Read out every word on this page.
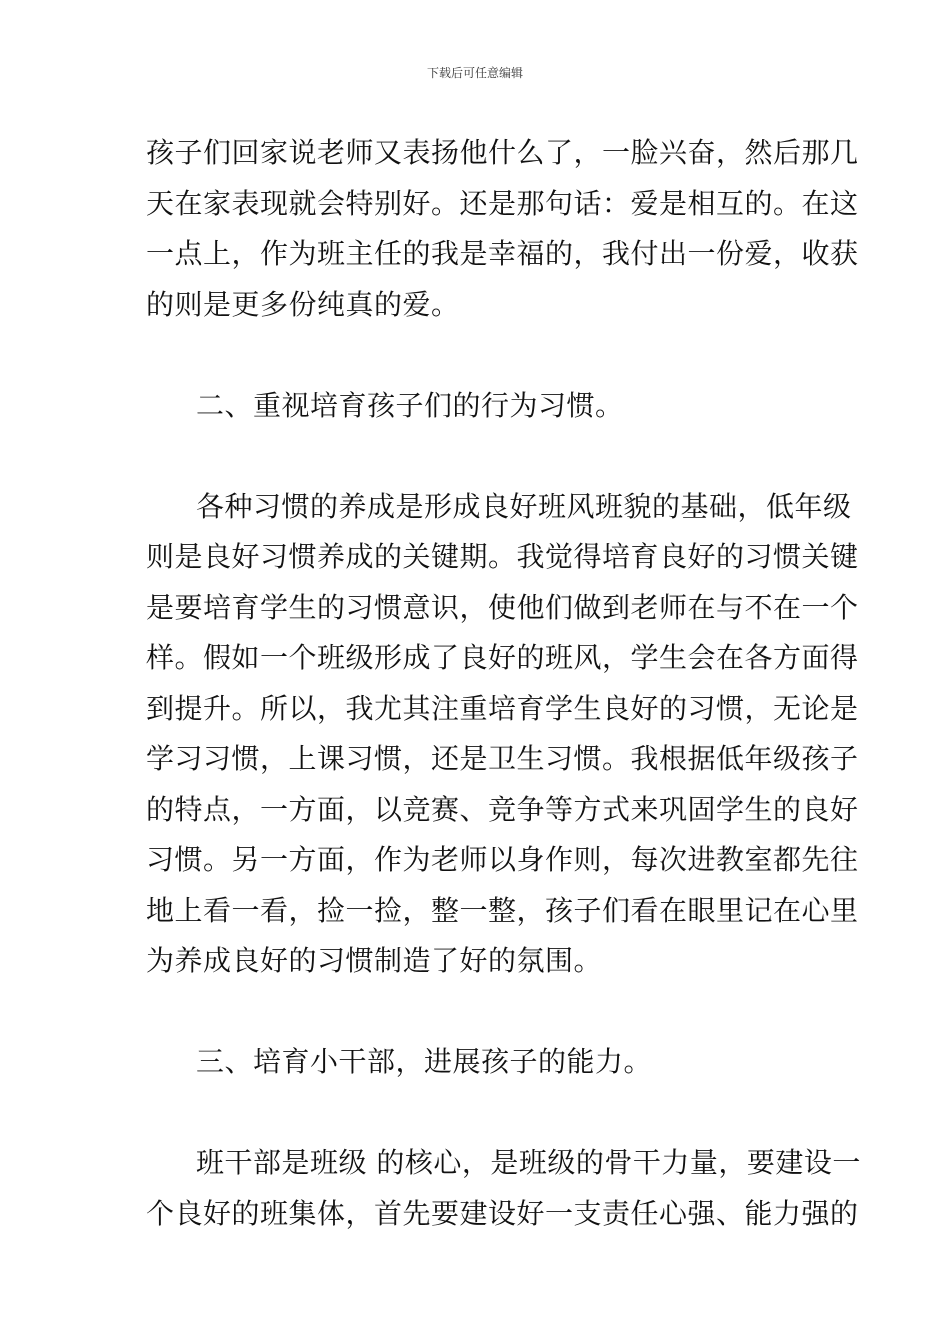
下载后可任意编辑
孩子们回家说老师又表扬他什么了，一脸兴奋，然后那几
天在家表现就会特别好。还是那句话：爱是相互的。在这
一点上，作为班主任的我是幸福的，我付出一份爱，收获
的则是更多份纯真的爱。
二、重视培育孩子们的行为习惯。
各种习惯的养成是形成良好班风班貌的基础，低年级
则是良好习惯养成的关键期。我觉得培育良好的习惯关键
是要培育学生的习惯意识，使他们做到老师在与不在一个
样。假如一个班级形成了良好的班风，学生会在各方面得
到提升。所以，我尤其注重培育学生良好的习惯，无论是
学习习惯，上课习惯，还是卫生习惯。我根据低年级孩子
的特点，一方面，以竞赛、竞争等方式来巩固学生的良好
习惯。另一方面，作为老师以身作则，每次进教室都先往
地上看一看，捡一捡，整一整，孩子们看在眼里记在心里
为养成良好的习惯制造了好的氛围。
三、培育小干部，进展孩子的能力。
班干部是班级 的核心，是班级的骨干力量，要建设一
个良好的班集体，首先要建设好一支责任心强、能力强的
